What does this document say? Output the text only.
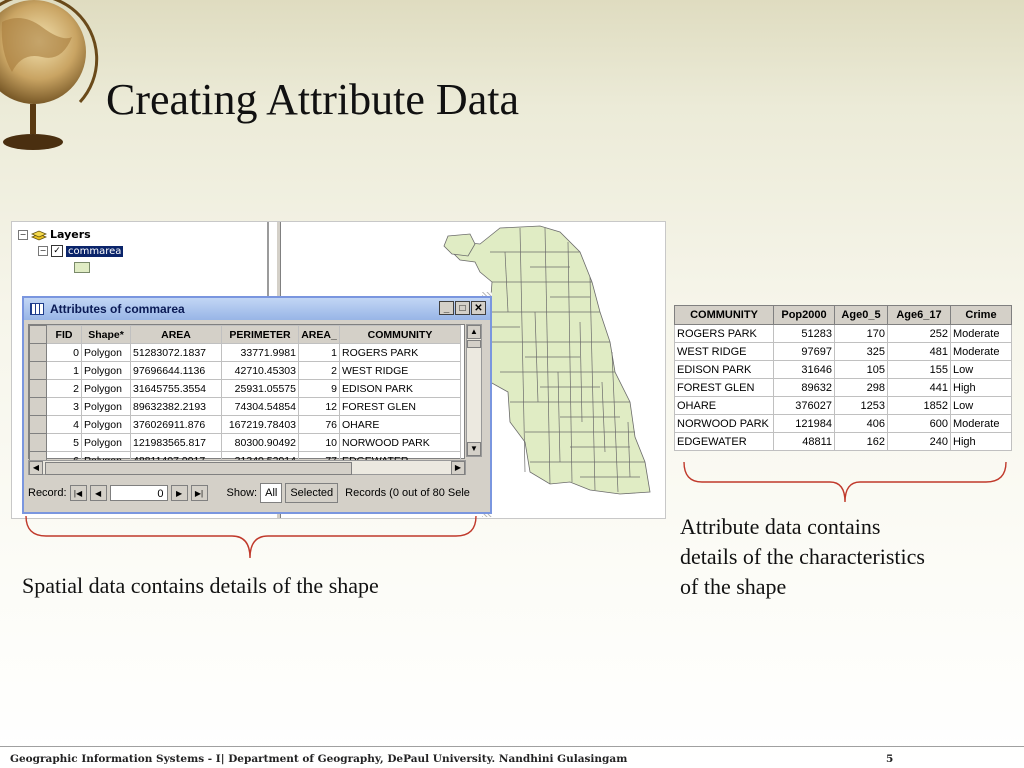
Creating Attribute Data
− Layers
− ✓ commarea
Attributes of commarea	_	□ ✕
	FID	Shape*	AREA	PERIMETER	AREA_	COMMUNITY
	0	Polygon	51283072.1837	33771.9981	1	ROGERS PARK
	1	Polygon	97696644.1136	42710.45303	2	WEST RIDGE
	2	Polygon	31645755.3554	25931.05575	9	EDISON PARK
	3	Polygon	89632382.2193	74304.54854	12	FOREST GLEN
	4	Polygon	376026911.876	167219.78403	76	OHARE
	5	Polygon	121983565.817	80300.90492	10	NORWOOD PARK

▲
▼
◀	▶
Record: |◀	◀	0	▶	▶|	Show: All	Selected	Records (0 out of 80 Sele
COMMUNITY	Pop2000	Age0_5	Age6_17	Crime
ROGERS PARK	51283	170	252	Moderate
WEST RIDGE	97697	325	481	Moderate
EDISON PARK	31646	105	155	Low
FOREST GLEN	89632	298	441	High
OHARE	376027	1253	1852	Low
NORWOOD PARK	121984	406	600	Moderate
EDGEWATER	48811	162	240	High
Spatial data contains details of the shape
Attribute data contains
details of the characteristics
of the shape
Geographic Information Systems - I| Department of Geography, DePaul University. Nandhini Gulasingam	5
